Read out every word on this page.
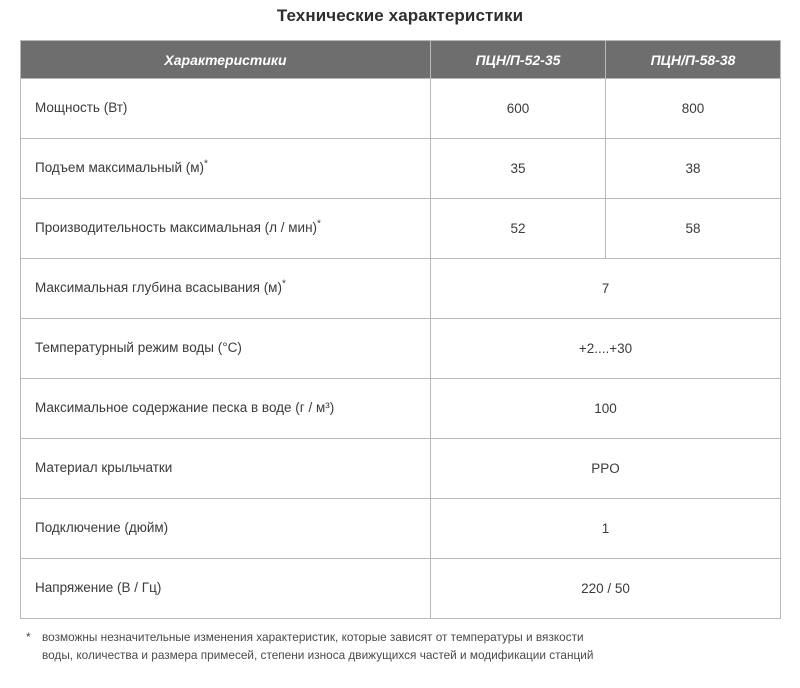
Технические характеристики
Характеристики	ПЦН/П-52-35	ПЦН/П-58-38
Мощность (Вт)	600	800
Подъем максимальный (м)*	35	38
Производительность максимальная (л / мин)*	52	58
Максимальная глубина всасывания (м)*	7	
Температурный режим воды (°С)	+2....+30	
Максимальное содержание песка в воде (г / м³)	100	
Материал крыльчатки	PPO	
Подключение (дюйм)	1	
Напряжение (В / Гц)	220 / 50	
* возможны незначительные изменения характеристик, которые зависят от температуры и вязкости
воды, количества и размера примесей, степени износа движущихся частей и модификации станций
